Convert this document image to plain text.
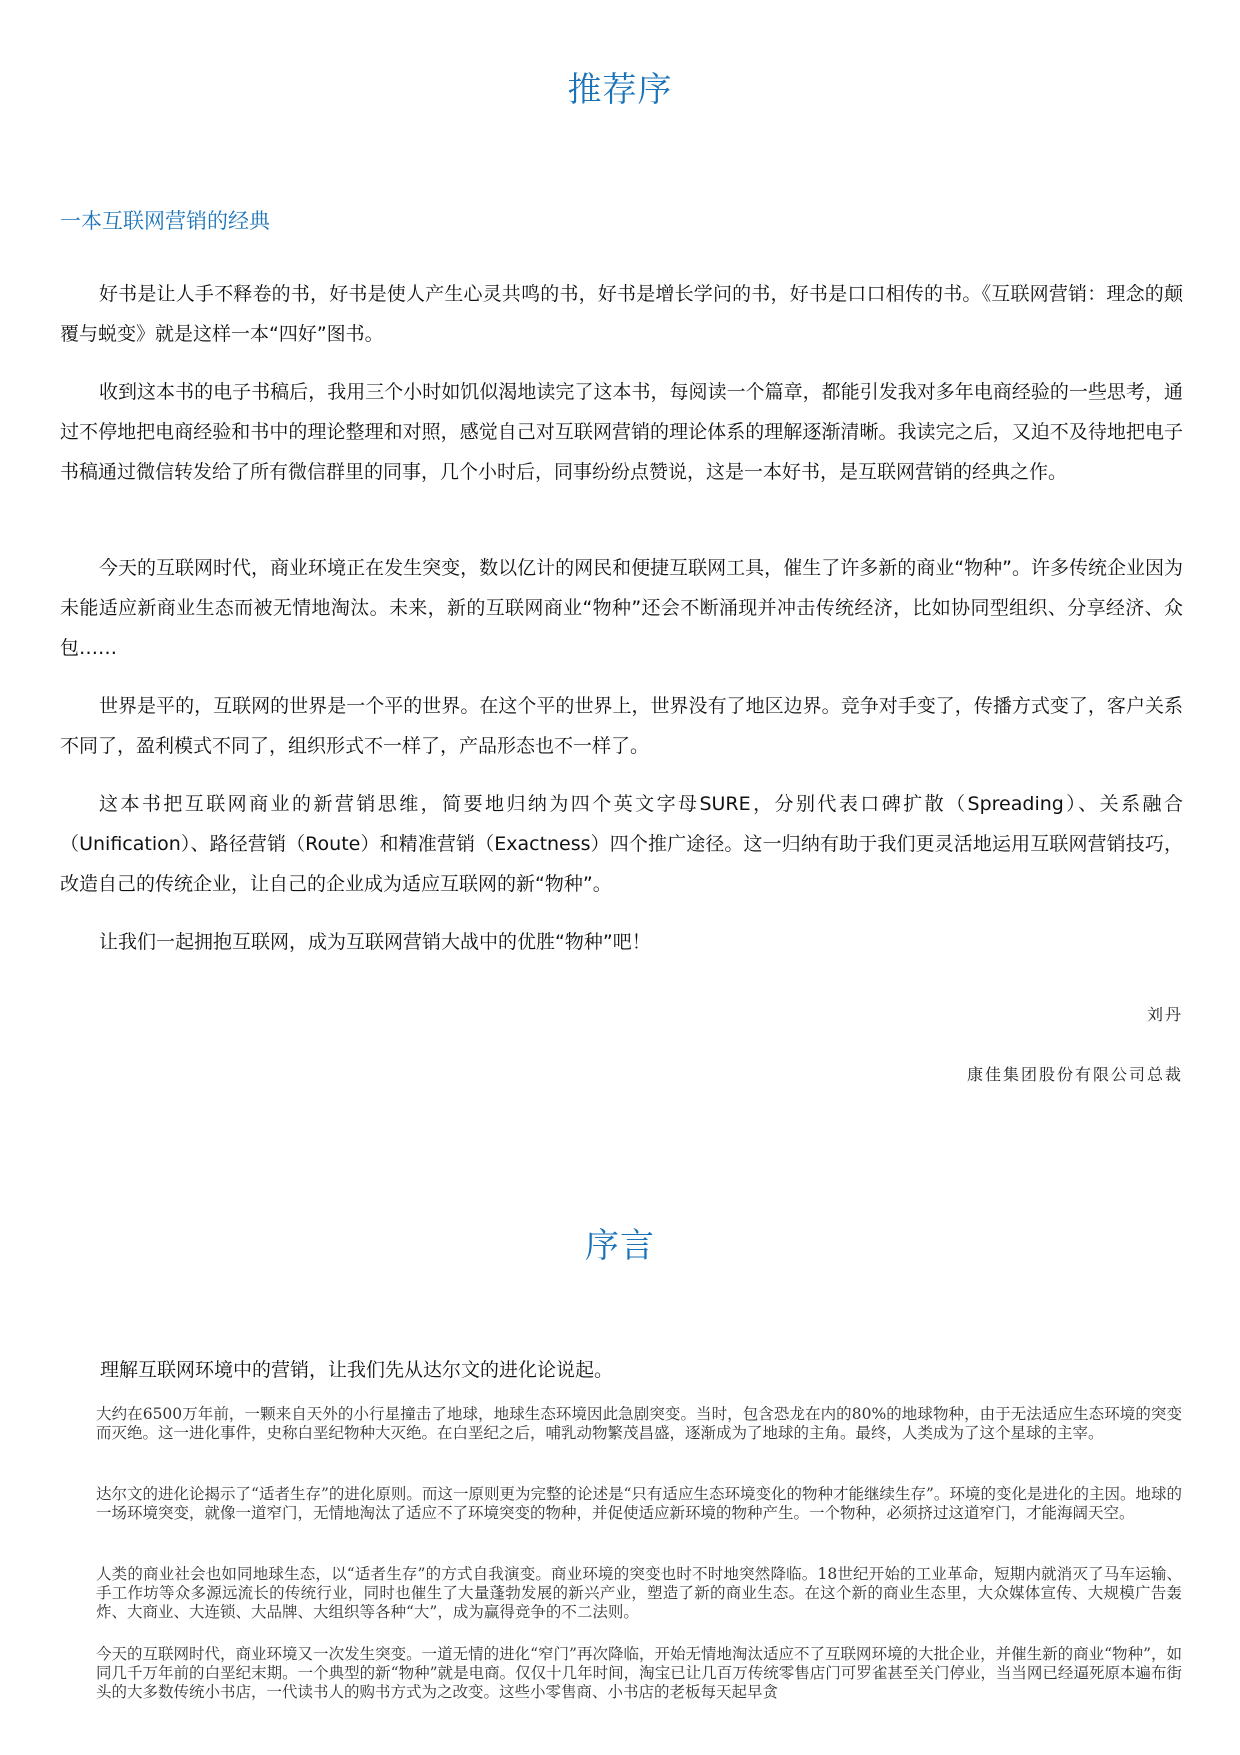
推荐序
一本互联网营销的经典

好书是让人手不释卷的书，好书是使人产生心灵共鸣的书，好书是增长学问的书，好书是口口相传的书。《互联网营销：理念的颠覆与蜕变》就是这样一本“四好”图书。

收到这本书的电子书稿后，我用三个小时如饥似渴地读完了这本书，每阅读一个篇章，都能引发我对多年电商经验的一些思考，通过不停地把电商经验和书中的理论整理和对照，感觉自己对互联网营销的理论体系的理解逐渐清晰。我读完之后，又迫不及待地把电子书稿通过微信转发给了所有微信群里的同事，几个小时后，同事纷纷点赞说，这是一本好书，是互联网营销的经典之作。

今天的互联网时代，商业环境正在发生突变，数以亿计的网民和便捷互联网工具，催生了许多新的商业“物种”。许多传统企业因为未能适应新商业生态而被无情地淘汰。未来，新的互联网商业“物种”还会不断涌现并冲击传统经济，比如协同型组织、分享经济、众包……

世界是平的，互联网的世界是一个平的世界。在这个平的世界上，世界没有了地区边界。竞争对手变了，传播方式变了，客户关系不同了，盈利模式不同了，组织形式不一样了，产品形态也不一样了。

这本书把互联网商业的新营销思维，简要地归纳为四个英文字母SURE，分别代表口碑扩散（Spreading）、关系融合（Unification）、路径营销（Route）和精准营销（Exactness）四个推广途径。这一归纳有助于我们更灵活地运用互联网营销技巧，改造自己的传统企业，让自己的企业成为适应互联网的新“物种”。

让我们一起拥抱互联网，成为互联网营销大战中的优胜“物种”吧！

刘丹

康佳集团股份有限公司总裁

序言

理解互联网环境中的营销，让我们先从达尔文的进化论说起。

大约在6500万年前，一颗来自天外的小行星撞击了地球，地球生态环境因此急剧突变。当时，包含恐龙在内的80%的地球物种，由于无法适应生态环境的突变而灭绝。这一进化事件，史称白垩纪物种大灭绝。在白垩纪之后，哺乳动物繁茂昌盛，逐渐成为了地球的主角。最终，人类成为了这个星球的主宰。

达尔文的进化论揭示了“适者生存”的进化原则。而这一原则更为完整的论述是“只有适应生态环境变化的物种才能继续生存”。环境的变化是进化的主因。地球的一场环境突变，就像一道窄门，无情地淘汰了适应不了环境突变的物种，并促使适应新环境的物种产生。一个物种，必须挤过这道窄门，才能海阔天空。

人类的商业社会也如同地球生态，以“适者生存”的方式自我演变。商业环境的突变也时不时地突然降临。18世纪开始的工业革命，短期内就消灭了马车运输、手工作坊等众多源远流长的传统行业，同时也催生了大量蓬勃发展的新兴产业，塑造了新的商业生态。在这个新的商业生态里，大众媒体宣传、大规模广告轰炸、大商业、大连锁、大品牌、大组织等各种“大”，成为赢得竞争的不二法则。

今天的互联网时代，商业环境又一次发生突变。一道无情的进化“窄门”再次降临，开始无情地淘汰适应不了互联网环境的大批企业，并催生新的商业“物种”，如同几千万年前的白垩纪末期。一个典型的新“物种”就是电商。仅仅十几年时间，淘宝已让几百万传统零售店门可罗雀甚至关门停业，当当网已经逼死原本遍布街头的大多数传统小书店，一代读书人的购书方式为之改变。这些小零售商、小书店的老板每天起早贪
